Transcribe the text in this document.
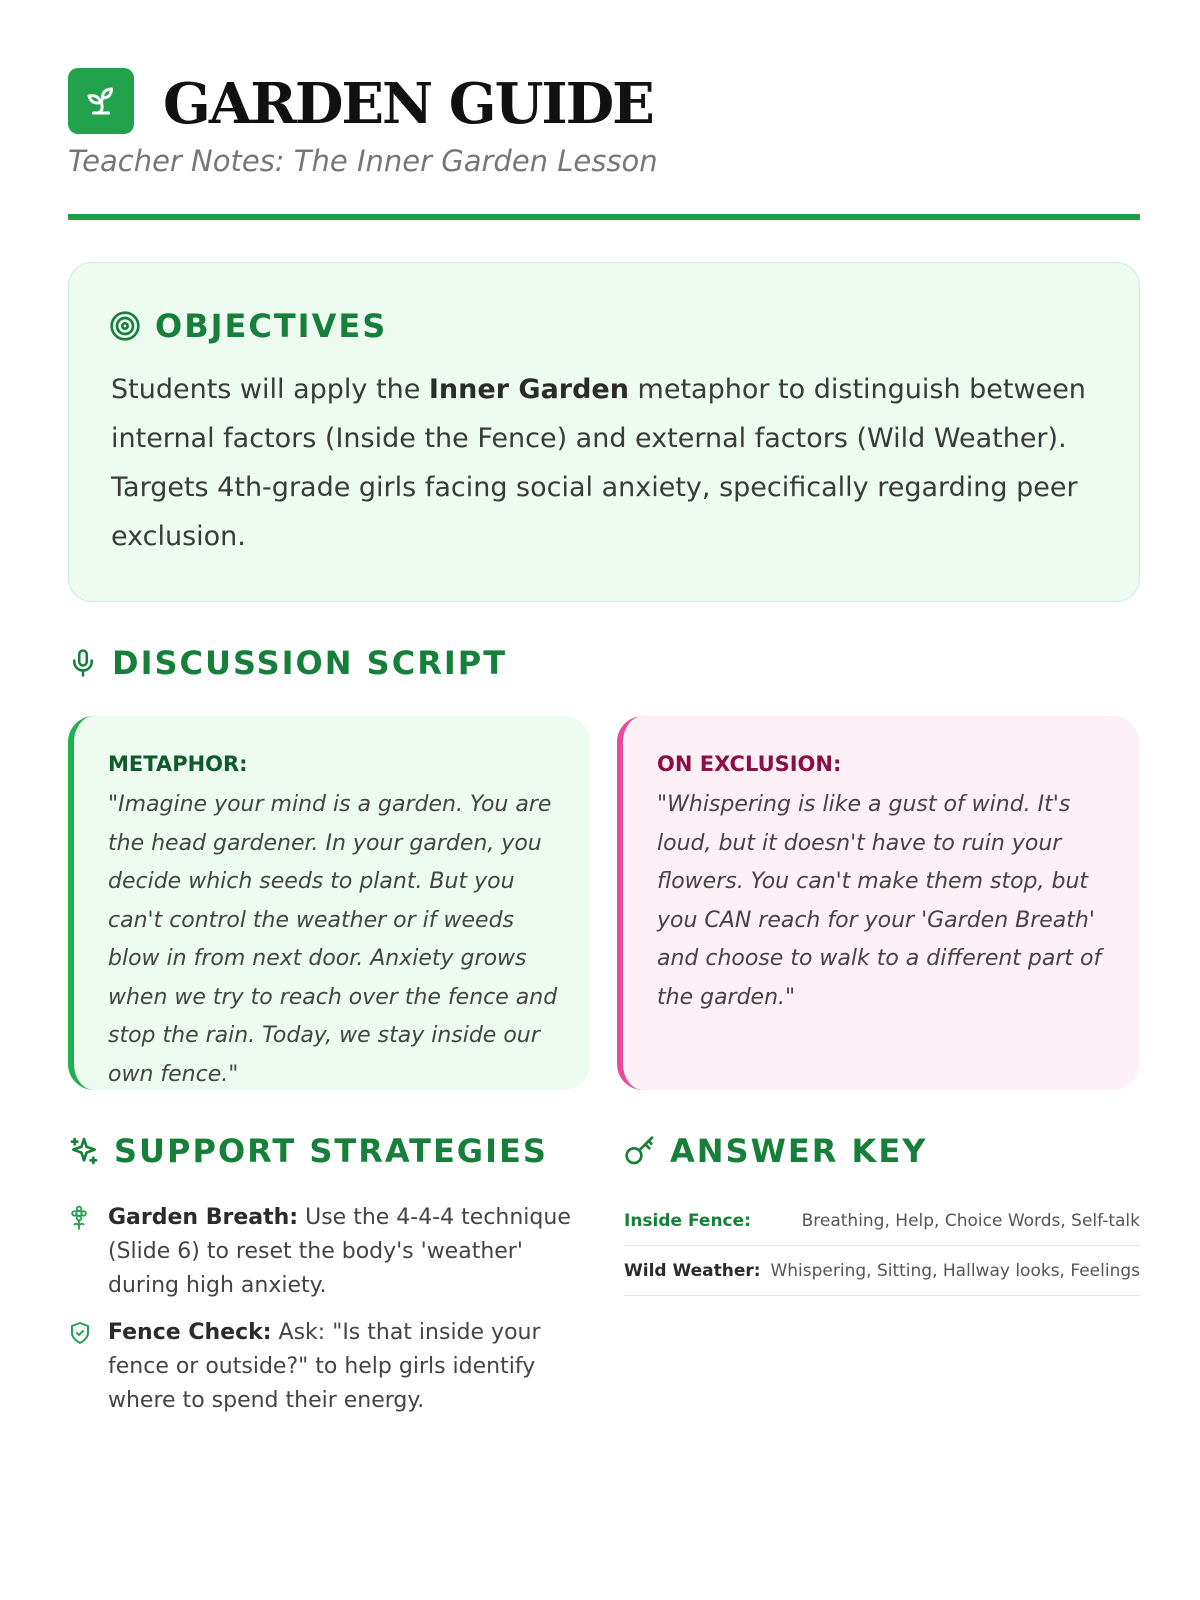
GARDEN GUIDE
Teacher Notes: The Inner Garden Lesson
OBJECTIVES
Students will apply the Inner Garden metaphor to distinguish between internal factors (Inside the Fence) and external factors (Wild Weather). Targets 4th-grade girls facing social anxiety, specifically regarding peer exclusion.
DISCUSSION SCRIPT
METAPHOR:
"Imagine your mind is a garden. You are the head gardener. In your garden, you decide which seeds to plant. But you can't control the weather or if weeds blow in from next door. Anxiety grows when we try to reach over the fence and stop the rain. Today, we stay inside our own fence."
ON EXCLUSION:
"Whispering is like a gust of wind. It's loud, but it doesn't have to ruin your flowers. You can't make them stop, but you CAN reach for your 'Garden Breath' and choose to walk to a different part of the garden."
SUPPORT STRATEGIES
Garden Breath: Use the 4-4-4 technique (Slide 6) to reset the body's 'weather' during high anxiety.
Fence Check: Ask: "Is that inside your fence or outside?" to help girls identify where to spend their energy.
ANSWER KEY
Inside Fence:	Breathing, Help, Choice Words, Self-talk
Wild Weather: Whispering, Sitting, Hallway looks, Feelings
